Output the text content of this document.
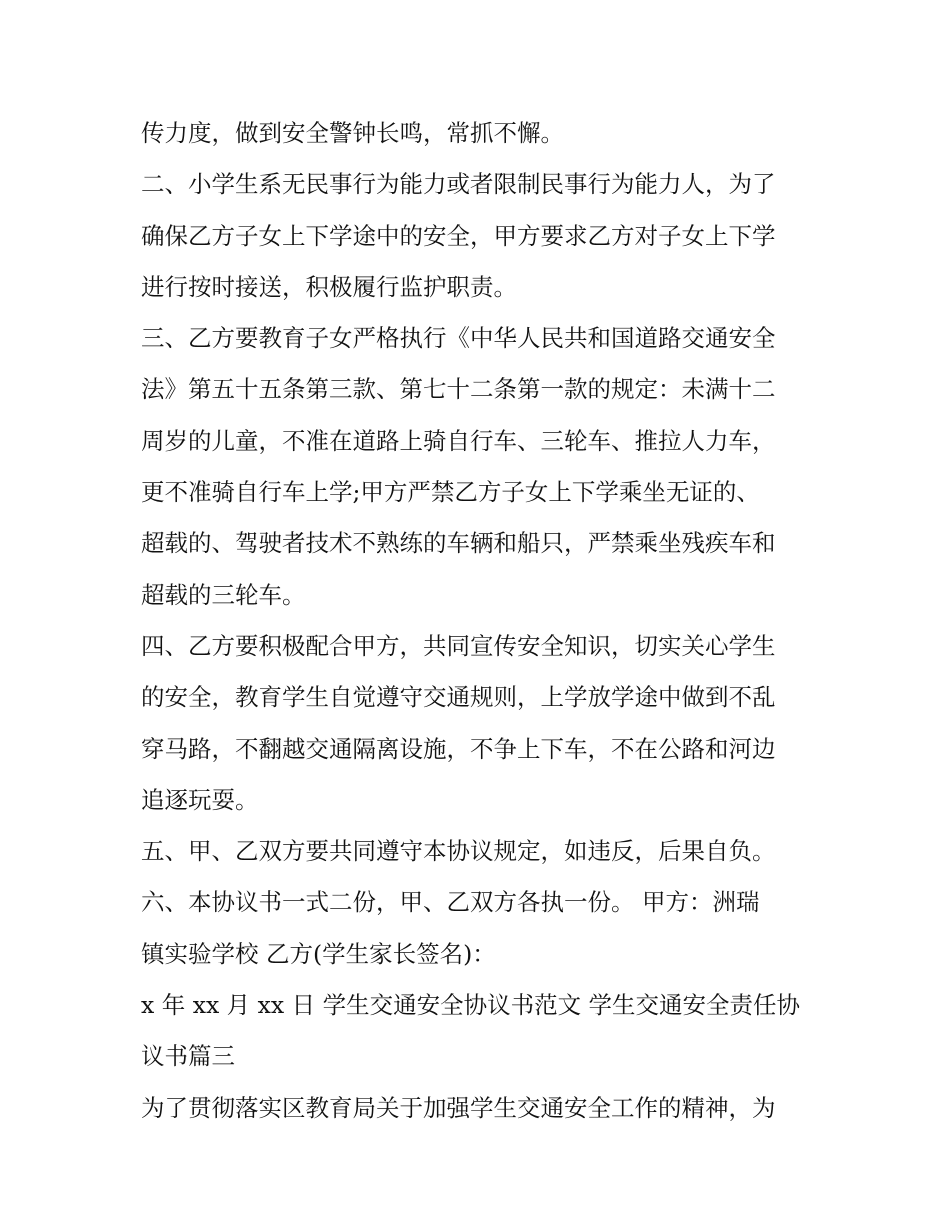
传力度，做到安全警钟长鸣，常抓不懈。
二、小学生系无民事行为能力或者限制民事行为能力人，为了
确保乙方子女上下学途中的安全，甲方要求乙方对子女上下学
进行按时接送，积极履行监护职责。
三、乙方要教育子女严格执行《中华人民共和国道路交通安全
法》第五十五条第三款、第七十二条第一款的规定：未满十二
周岁的儿童，不准在道路上骑自行车、三轮车、推拉人力车，
更不准骑自行车上学;甲方严禁乙方子女上下学乘坐无证的、
超载的、驾驶者技术不熟练的车辆和船只，严禁乘坐残疾车和
超载的三轮车。
四、乙方要积极配合甲方，共同宣传安全知识，切实关心学生
的安全，教育学生自觉遵守交通规则，上学放学途中做到不乱
穿马路，不翻越交通隔离设施，不争上下车，不在公路和河边
追逐玩耍。
五、甲、乙双方要共同遵守本协议规定，如违反，后果自负。
六、本协议书一式二份，甲、乙双方各执一份。 甲方：洲瑞
镇实验学校 乙方(学生家长签名)：
x 年 xx 月 xx 日 学生交通安全协议书范文 学生交通安全责任协
议书篇三
为了贯彻落实区教育局关于加强学生交通安全工作的精神，为
